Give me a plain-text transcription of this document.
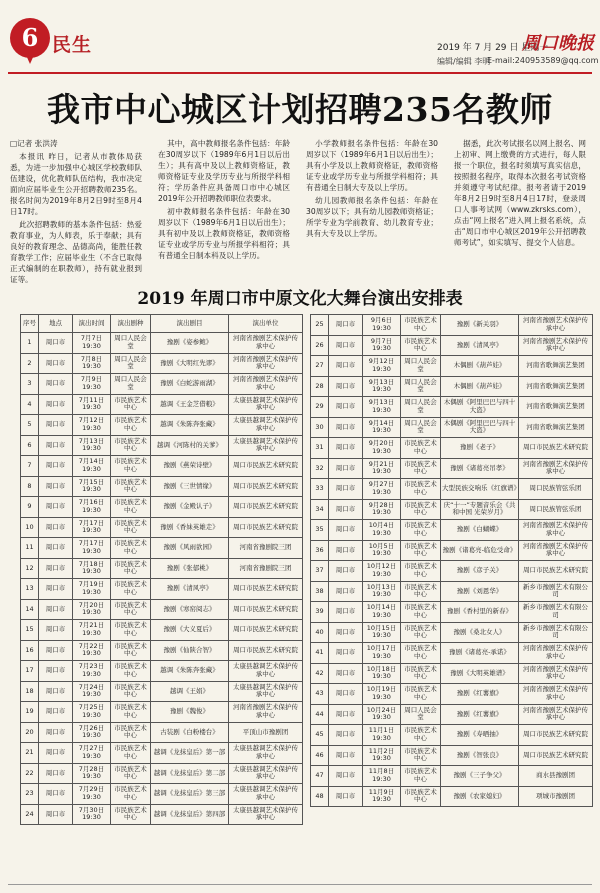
6 民生	2019 年 7 月 29 日 星期一
编辑/编辑 李明
E-mail:240953589@qq.com
周口晚报
我市中心城区计划招聘235名教师
□记者 张洪涛

本报讯 昨日，记者从市教体局获悉，为进一步加强中心城区学校教师队伍建设，优化教师队伍结构，我市决定面向应届毕业生公开招聘教师235名。报名时间为2019年8月2日9时至8月4日17时。

此次招聘教师的基本条件包括：热爱教育事业，为人师表，乐于奉献；具有良好的教育理念、品德高尚，能胜任教育教学工作；应届毕业生（不含已取得正式编制的在职教师），持有就业报到证等。

其中，高中教师报名条件包括：年龄在30周岁以下（1989年6月1日以后出生）；具有高中及以上教师资格证，教师资格证专业及学历专业与所报学科相符；学历条件应具备周口市中心城区2019年公开招聘教师职位表要求。

初中教师报名条件包括：年龄在30周岁以下（1989年6月1日以后出生）；具有初中及以上教师资格证，教师资格证专业或学历专业与所报学科相符；具有普通全日制本科及以上学历。

小学教师报名条件包括：年龄在30周岁以下（1989年6月1日以后出生）；具有小学及以上教师资格证，教师资格证专业或学历专业与所报学科相符；具有普通全日制大专及以上学历。

幼儿园教师报名条件包括：年龄在30周岁以下；具有幼儿园教师资格证；所学专业为学前教育、幼儿教育专业；具有大专及以上学历。

据悉，此次考试报名以网上报名、网上初审、网上缴费的方式进行，每人限报一个职位，报名时须填写真实信息，按照报名程序，取得本次报名考试资格并须遵守考试纪律。报考者请于2019年8月2日9时至8月4日17时，登录周口人事考试网（www.zkrsks.com），点击“网上报名”进入网上报名系统，点击“周口市中心城区2019年公开招聘教师考试”，如实填写、提交个人信息。

2019 年周口市中原文化大舞台演出安排表
序号	地点	演出时间	演出剧种	演出剧目	演出单位
1	周口市	7月7日 19:30	周口人民会堂	豫剧《姿参鲍》	河南省豫剧艺术保护传承中心
2	周口市	7月8日 19:30	周口人民会堂	豫剧《大明红先谬》	河南省豫剧艺术保护传承中心
3	周口市	7月9日 19:30	周口人民会堂	豫剧《白蛇游雨湖》	河南省豫剧艺术保护传承中心
4	周口市	7月11日 19:30	市民族艺术中心	越调《王金芝借粮》	太康县越调艺术保护传承中心
5	周口市	7月12日 19:30	市民族艺术中心	越调《朱陈奔张藏》	太康县越调艺术保护传承中心
6	周口市	7月13日 19:30	市民族艺术中心	越调《河陈村的关爹》	太康县越调艺术保护传承中心
7	周口市	7月14日 19:30	市民族艺术中心	豫剧《燕荣诗壁》	周口市民族艺术研究院
8	周口市	7月15日 19:30	市民族艺术中心	豫剧《三世情缘》	周口市民族艺术研究院
9	周口市	7月16日 19:30	市民族艺术中心	豫剧《金殿认子》	周口市民族艺术研究院
10	周口市	7月17日 19:30	市民族艺术中心	豫剧《香妹英雄走》	周口市民族艺术研究院
11	周口市	7月17日 19:30	市民族艺术中心	豫剧《风雨欲园》	河南省豫剧院三团
12	周口市	7月18日 19:30	市民族艺术中心	豫剧《张郁桃》	河南省豫剧院三团
13	周口市	7月19日 19:30	市民族艺术中心	豫剧《清风亭》	周口市民族艺术研究院
14	周口市	7月20日 19:30	市民族艺术中心	豫剧《寒窑阅志》	周口市民族艺术研究院
15	周口市	7月21日 19:30	市民族艺术中心	豫剧《大义夏后》	周口市民族艺术研究院
16	周口市	7月22日 19:30	市民族艺术中心	豫剧《仙陕合智》	周口市民族艺术研究院
17	周口市	7月23日 19:30	市民族艺术中心	越调《朱陈奔张藏》	太康县越调艺术保护传承中心
18	周口市	7月24日 19:30	市民族艺术中心	越调《王娟》	太康县越调艺术保护传承中心
19	周口市	7月25日 19:30	市民族艺术中心	豫剧《魏俊》	河南省豫剧艺术保护传承中心
20	周口市	7月26日 19:30	市民族艺术中心	古装剧《白粉楼台》	平顶山市豫剧团
21	周口市	7月27日 19:30	市民族艺术中心	越调《龙抹皇后》第一部	太康县越调艺术保护传承中心
22	周口市	7月28日 19:30	市民族艺术中心	越调《龙抹皇后》第二部	太康县越调艺术保护传承中心
23	周口市	7月29日 19:30	市民族艺术中心	越调《龙抹皇后》第三部	太康县越调艺术保护传承中心
24	周口市	7月30日 19:30	市民族艺术中心	越调《龙抹皇后》第四部	太康县越调艺术保护传承中心
25	周口市	9月6日 19:30	市民族艺术中心	豫剧《新关羽》	河南省豫剧艺术保护传承中心
26	周口市	9月7日 19:30	市民族艺术中心	豫剧《清风亭》	河南省豫剧艺术保护传承中心
27	周口市	9月12日 19:30	周口人民会堂	木偶剧《葫芦娃》	河南省歌舞演艺集团
28	周口市	9月13日 19:30	周口人民会堂	木偶剧《葫芦娃》	河南省歌舞演艺集团
29	周口市	9月13日 19:30	周口人民会堂	木偶剧《阿里巴巴与四十大盗》	河南省歌舞演艺集团
30	周口市	9月14日 19:30	周口人民会堂	木偶剧《阿里巴巴与四十大盗》	河南省歌舞演艺集团
31	周口市	9月20日 19:30	市民族艺术中心	豫剧《老子》	周口市民族艺术研究院
32	周口市	9月21日 19:30	市民族艺术中心	豫剧《诸葛亮吊孝》	河南省豫剧艺术保护传承中心
33	周口市	9月27日 19:30	市民族艺术中心	大型民族交响乐《红旗谱》	周口民族管弦乐团
34	周口市	9月28日 19:30	市民族艺术中心	庆“十一”专题音乐会《共和中国 光荣岁月》	周口民族管弦乐团
35	周口市	10月4日 19:30	市民族艺术中心	豫剧《白蝴蝶》	河南省豫剧艺术保护传承中心
36	周口市	10月5日 19:30	市民族艺术中心	豫剧《诸葛亮-临危受命》	河南省豫剧艺术保护传承中心
37	周口市	10月12日 19:30	市民族艺术中心	豫剧《彦子关》	周口市民族艺术研究院
38	周口市	10月13日 19:30	市民族艺术中心	豫剧《刘恩华》	新乡市豫剧艺术有限公司
39	周口市	10月14日 19:30	市民族艺术中心	豫剧《香村里的新春》	新乡市豫剧艺术有限公司
40	周口市	10月15日 19:30	市民族艺术中心	豫剧《桑北女人》	新乡市豫剧艺术有限公司
41	周口市	10月17日 19:30	市民族艺术中心	豫剧《诸葛亮-承诺》	河南省豫剧艺术保护传承中心
42	周口市	10月18日 19:30	市民族艺术中心	豫剧《大明英雄谱》	河南省豫剧艺术保护传承中心
43	周口市	10月19日 19:30	市民族艺术中心	豫剧《红薯旗》	河南省豫剧艺术保护传承中心
44	周口市	10月24日 19:30	周口人民会堂	豫剧《红薯旗》	河南省豫剧艺术保护传承中心
45	周口市	11月1日 19:30	市民族艺术中心	豫剧《寿晒抽》	周口市民族艺术研究院
46	周口市	11月2日 19:30	市民族艺术中心	豫剧《智张良》	周口市民族艺术研究院
47	周口市	11月8日 19:30	市民族艺术中心	豫剧《三子争父》	商水县豫剧团
48	周口市	11月9日 19:30	市民族艺术中心	豫剧《农家媳妇》	项城市豫剧团
